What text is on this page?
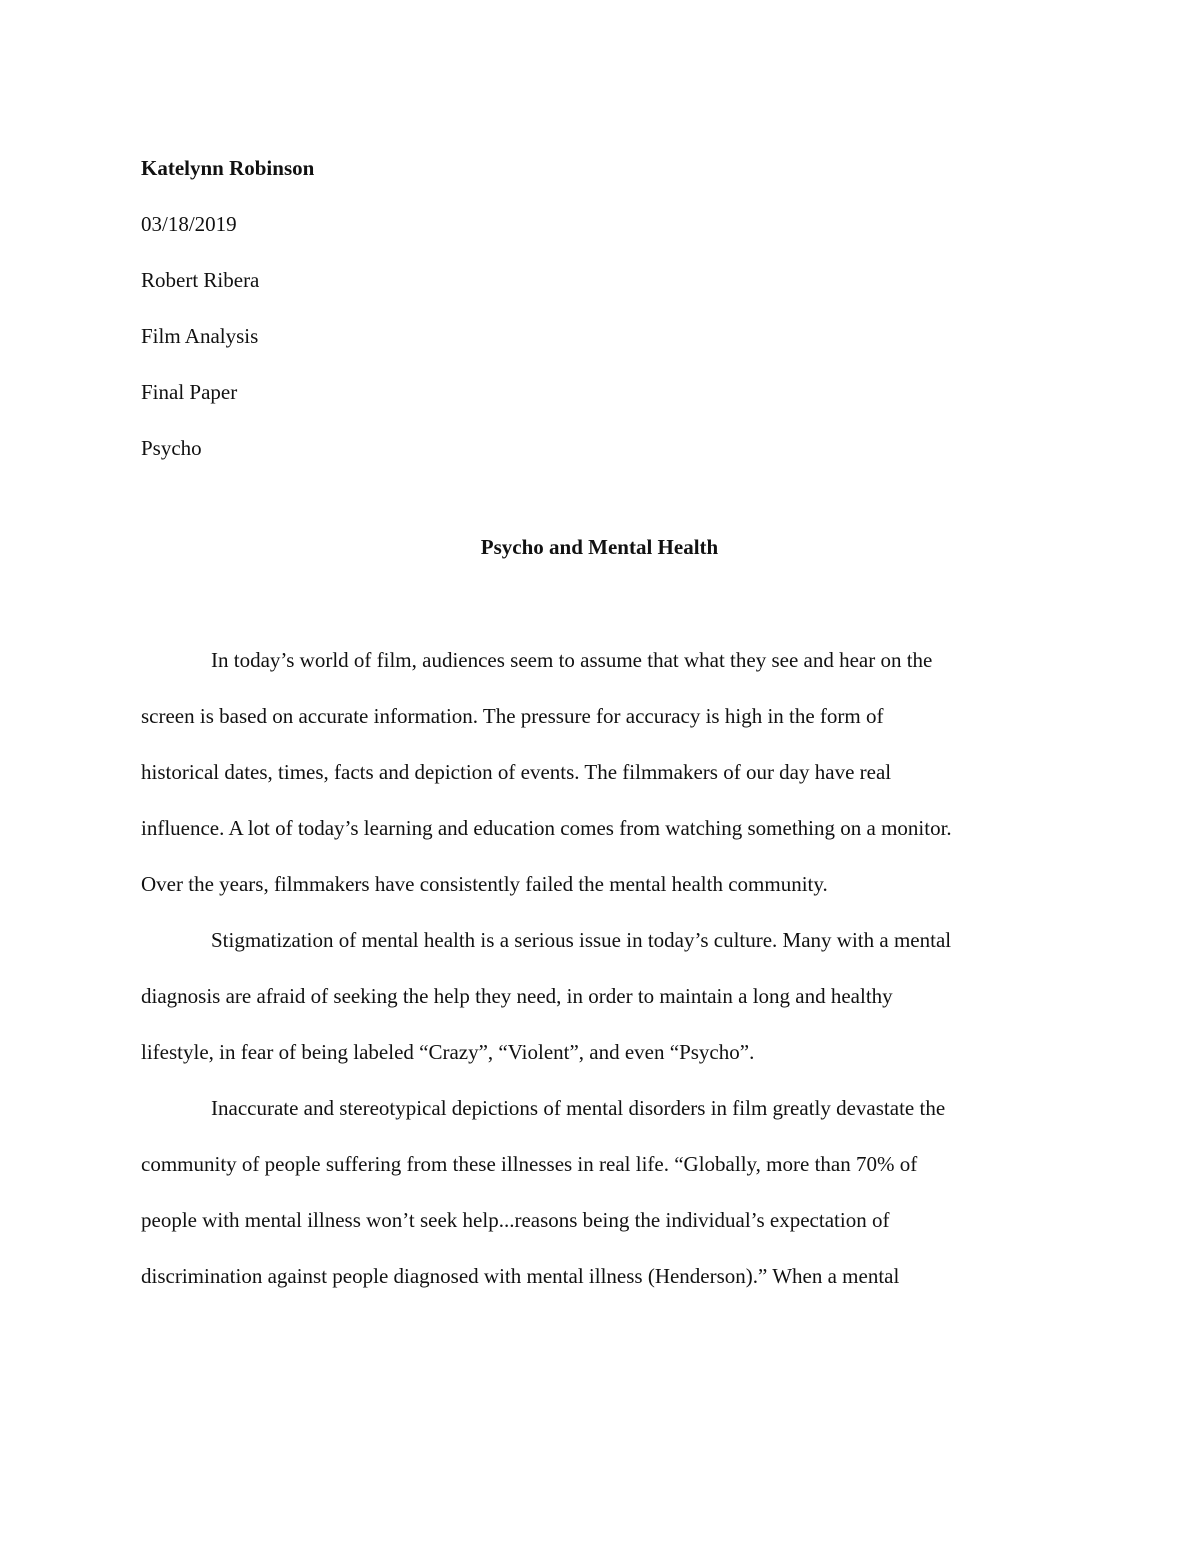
Katelynn Robinson
03/18/2019
Robert Ribera
Film Analysis
Final Paper
Psycho
Psycho and Mental Health
In today’s world of film, audiences seem to assume that what they see and hear on the
screen is based on accurate information. The pressure for accuracy is high in the form of
historical dates, times, facts and depiction of events. The filmmakers of our day have real
influence. A lot of today’s learning and education comes from watching something on a monitor.
Over the years, filmmakers have consistently failed the mental health community.
Stigmatization of mental health is a serious issue in today’s culture. Many with a mental
diagnosis are afraid of seeking the help they need, in order to maintain a long and healthy
lifestyle, in fear of being labeled “Crazy”, “Violent”, and even “Psycho”.
Inaccurate and stereotypical depictions of mental disorders in film greatly devastate the
community of people suffering from these illnesses in real life. “Globally, more than 70% of
people with mental illness won’t seek help...reasons being the individual’s expectation of
discrimination against people diagnosed with mental illness (Henderson).” When a mental
